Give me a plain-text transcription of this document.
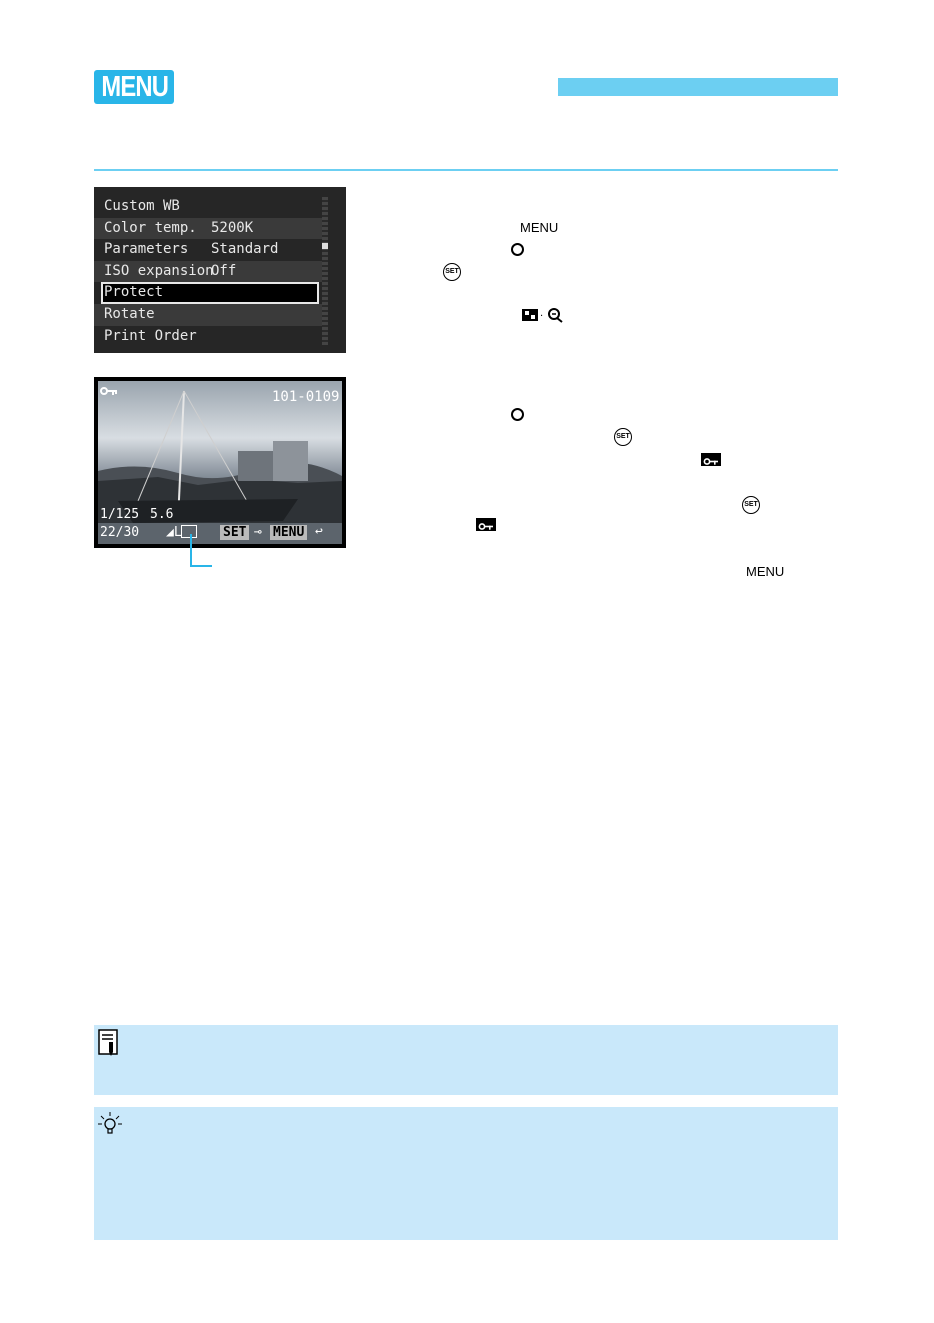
MENU
Custom WB
Color temp. 5200K
Parameters Standard
ISO expansion
Off
Protect
Rotate
Print Order
101-0109
1/125 5.6
22/30 ◢L	SET ⊸ MENU ↩
MENU
SET
·
SET
SET
MENU
